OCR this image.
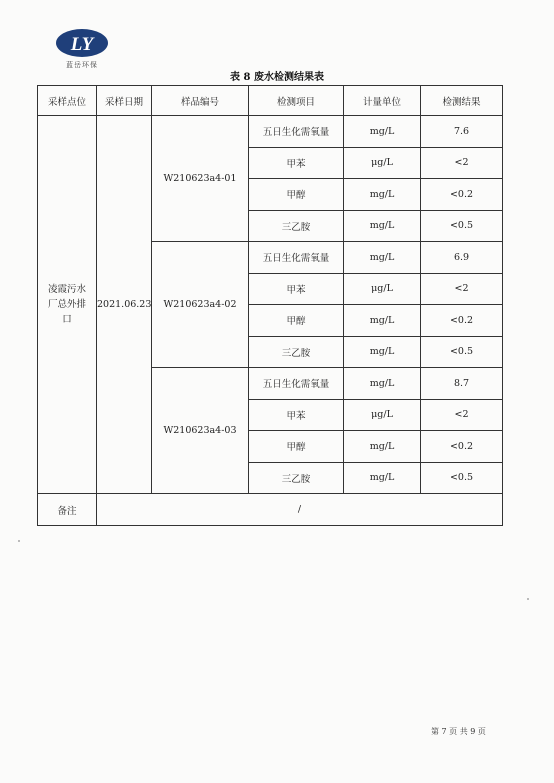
LY
蓝岳环保
表 8 废水检测结果表
采样点位	采样日期	样品编号	检测项目	计量单位	检测结果
凌霞污水厂总外排口	2021.06.23	W210623a4-01	五日生化需氧量	mg/L	7.6
			甲苯	μg/L	<2
			甲醇	mg/L	<0.2
			三乙胺	mg/L	<0.5
		W210623a4-02	五日生化需氧量	mg/L	6.9
			甲苯	μg/L	<2
			甲醇	mg/L	<0.2
			三乙胺	mg/L	<0.5
		W210623a4-03	五日生化需氧量	mg/L	8.7
			甲苯	μg/L	<2
			甲醇	mg/L	<0.2
			三乙胺	mg/L	<0.5
备注	/				
第 7 页 共 9 页
